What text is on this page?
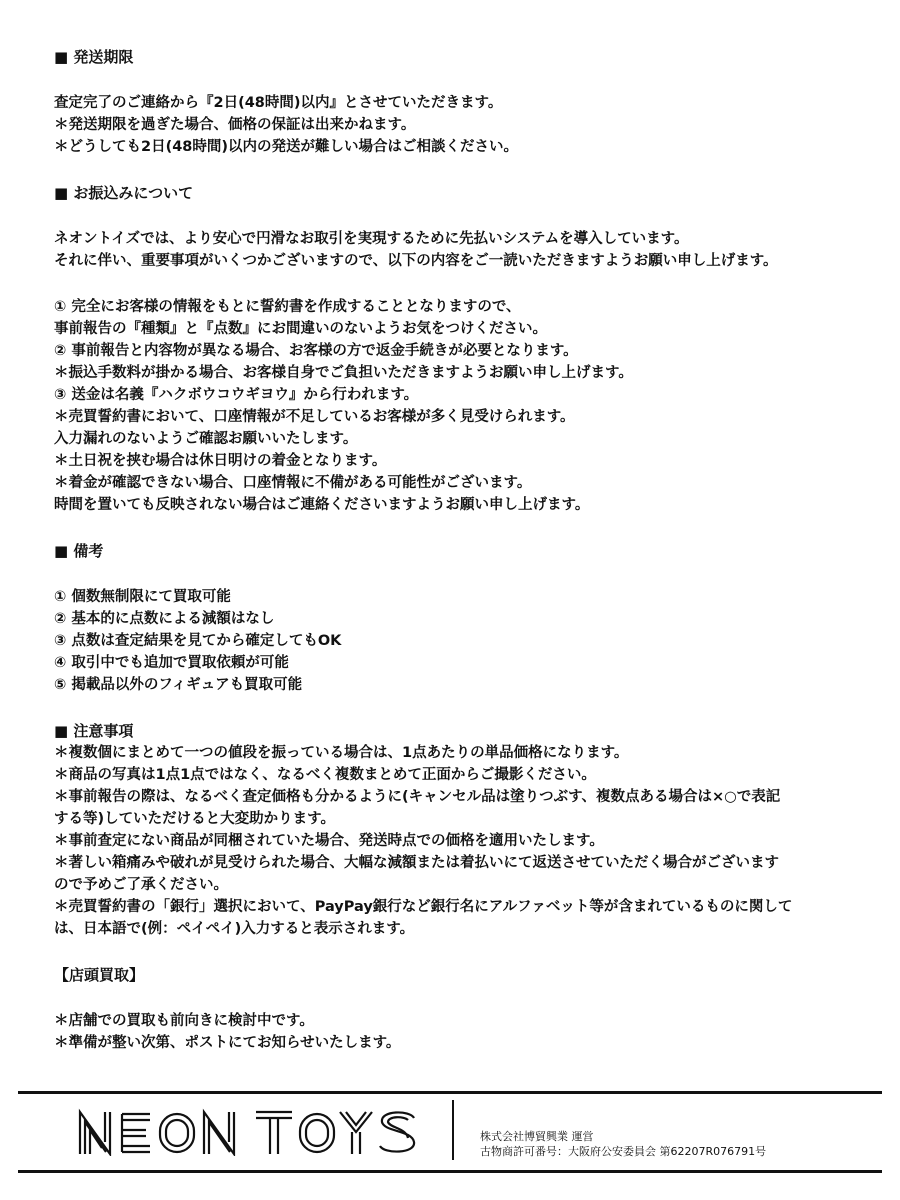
■ 発送期限
査定完了のご連絡から『2日(48時間)以内』とさせていただきます。
＊発送期限を過ぎた場合、価格の保証は出来かねます。
＊どうしても2日(48時間)以内の発送が難しい場合はご相談ください。
■ お振込みについて
ネオントイズでは、より安心で円滑なお取引を実現するために先払いシステムを導入しています。
それに伴い、重要事項がいくつかございますので、以下の内容をご一読いただきますようお願い申し上げます。
① 完全にお客様の情報をもとに誓約書を作成することとなりますので、
事前報告の『種類』と『点数』にお間違いのないようお気をつけください。
② 事前報告と内容物が異なる場合、お客様の方で返金手続きが必要となります。
＊振込手数料が掛かる場合、お客様自身でご負担いただきますようお願い申し上げます。
③ 送金は名義『ハクボウコウギヨウ』から行われます。
＊売買誓約書において、口座情報が不足しているお客様が多く見受けられます。
入力漏れのないようご確認お願いいたします。
＊土日祝を挟む場合は休日明けの着金となります。
＊着金が確認できない場合、口座情報に不備がある可能性がございます。
時間を置いても反映されない場合はご連絡くださいますようお願い申し上げます。
■ 備考
① 個数無制限にて買取可能
② 基本的に点数による減額はなし
③ 点数は査定結果を見てから確定してもOK
④ 取引中でも追加で買取依頼が可能
⑤ 掲載品以外のフィギュアも買取可能
■ 注意事項
＊複数個にまとめて一つの値段を振っている場合は、1点あたりの単品価格になります。
＊商品の写真は1点1点ではなく、なるべく複数まとめて正面からご撮影ください。
＊事前報告の際は、なるべく査定価格も分かるように(キャンセル品は塗りつぶす、複数点ある場合は×○で表記
する等)していただけると大変助かります。
＊事前査定にない商品が同梱されていた場合、発送時点での価格を適用いたします。
＊著しい箱痛みや破れが見受けられた場合、大幅な減額または着払いにて返送させていただく場合がございます
ので予めご了承ください。
＊売買誓約書の「銀行」選択において、PayPay銀行など銀行名にアルファベット等が含まれているものに関して
は、日本語で(例：ペイペイ)入力すると表示されます。
【店頭買取】
＊店舗での買取も前向きに検討中です。
＊準備が整い次第、ポストにてお知らせいたします。
株式会社博貿興業 運営
古物商許可番号：大阪府公安委員会 第62207R076791号
